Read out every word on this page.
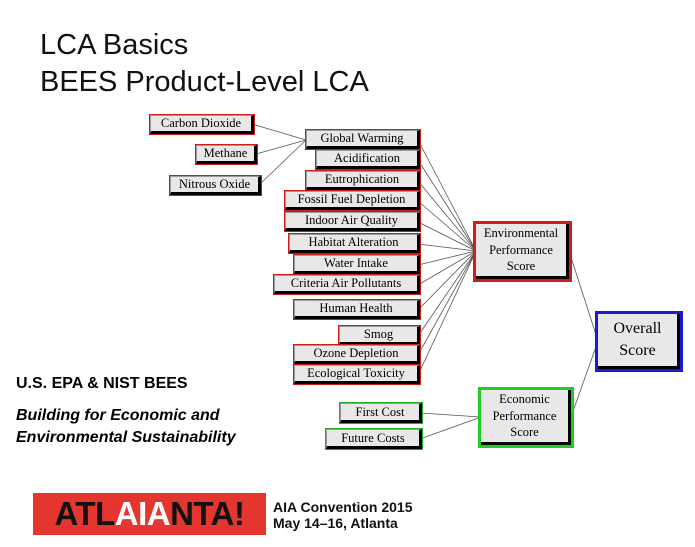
LCA Basics
BEES Product-Level LCA
Carbon Dioxide
Methane
Nitrous Oxide
Global Warming
Acidification
Eutrophication
Fossil Fuel Depletion
Indoor Air Quality
Habitat Alteration
Water Intake
Criteria Air Pollutants
Human Health
Smog
Ozone Depletion
Ecological Toxicity
First Cost
Future Costs
Environmental
Performance
Score
Economic
Performance
Score
Overall
Score
U.S. EPA & NIST BEES
Building for Economic and
Environmental Sustainability
ATL AIA NTA! AIA Convention 2015
May 14–16, Atlanta
